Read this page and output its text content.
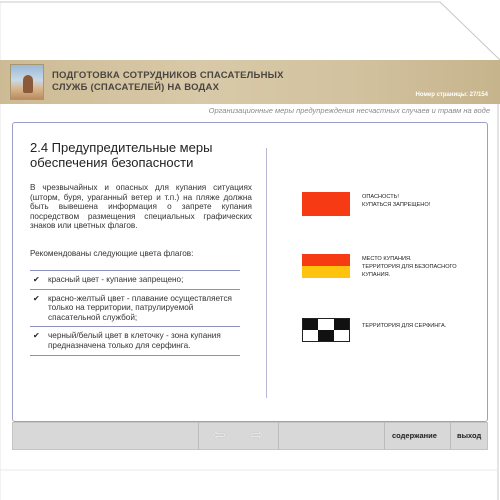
ПОДГОТОВКА СОТРУДНИКОВ СПАСАТЕЛЬНЫХ
СЛУЖБ (СПАСАТЕЛЕЙ) НА ВОДАХ
Номер страницы: 27/154
Организационные меры предупреждения несчастных случаев и травм на воде
2.4 Предупредительные меры
обеспечения безопасности
В чрезвычайных и опасных для купания ситуациях (шторм, буря, ураганный ветер и т.п.) на пляже должна быть вывешена информация о запрете купания посредством размещения специальных графических знаков или цветных флагов.
Рекомендованы следующие цвета флагов:
✔ красный цвет - купание запрещено;
✔ красно-желтый цвет - плавание осуществляется только на территории, патрулируемой спасательной службой;
✔ черный/белый цвет в клеточку - зона купания предназначена только для серфинга.
ОПАСНОСТЬ!
КУПАТЬСЯ ЗАПРЕЩЕНО!
МЕСТО КУПАНИЯ.
ТЕРРИТОРИЯ ДЛЯ БЕЗОПАСНОГО
КУПАНИЯ.
ТЕРРИТОРИЯ ДЛЯ СЕРФИНГА.
⇦	⇨	содержание	выход
